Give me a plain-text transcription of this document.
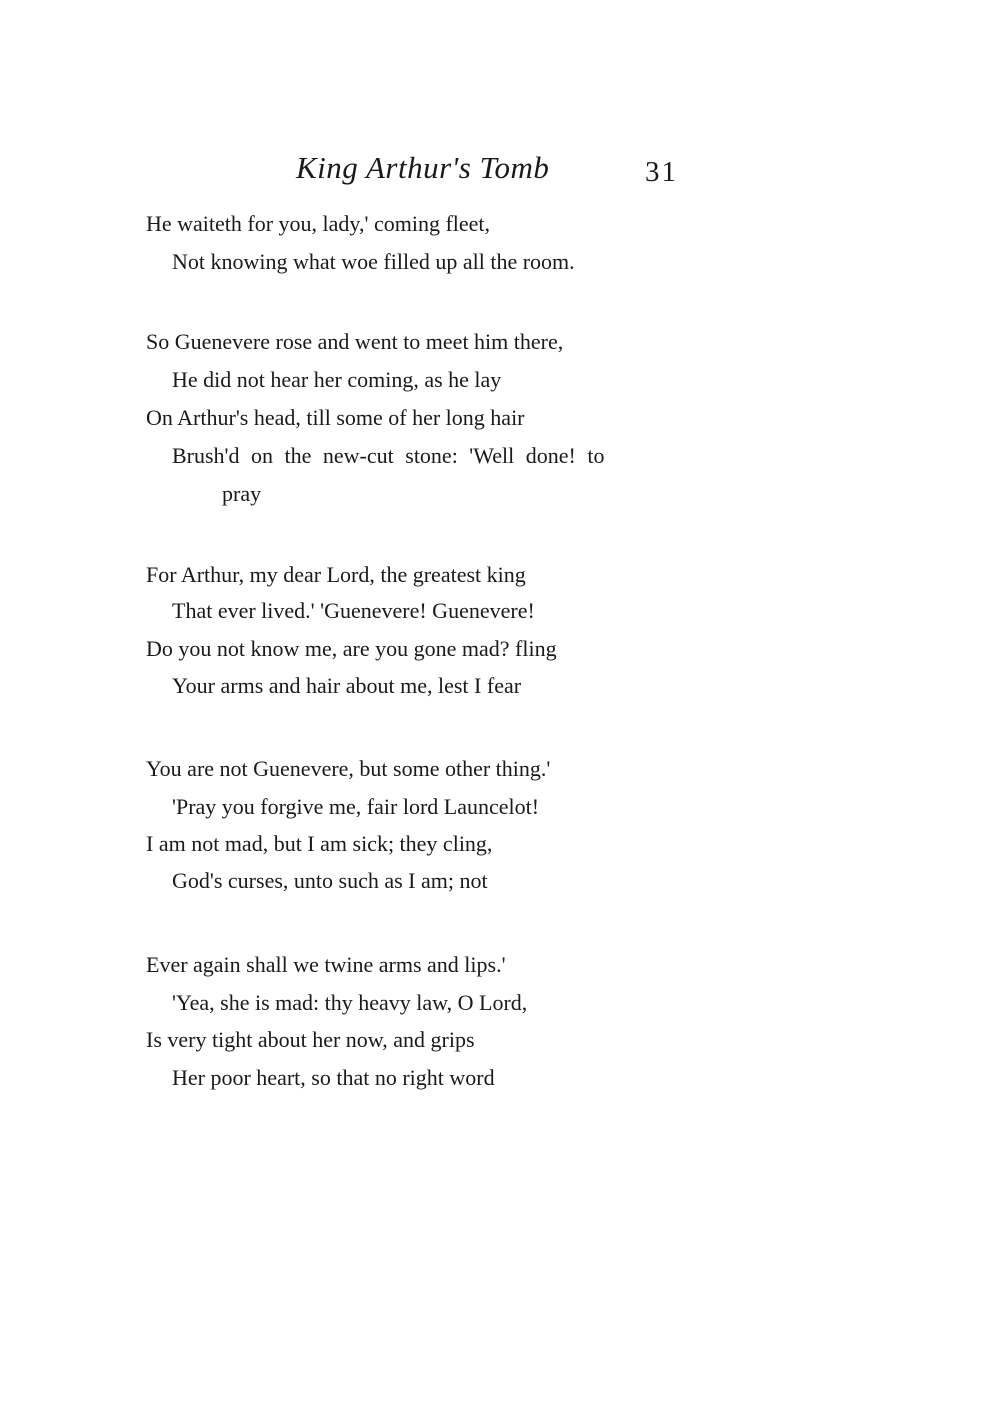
King Arthur's Tomb	31
He waiteth for you, lady,' coming fleet,
Not knowing what woe filled up all the room.
So Guenevere rose and went to meet him there,
He did not hear her coming, as he lay
On Arthur's head, till some of her long hair
Brush'd on the new-cut stone: 'Well done! to
pray
For Arthur, my dear Lord, the greatest king
That ever lived.' 'Guenevere! Guenevere!
Do you not know me, are you gone mad? fling
Your arms and hair about me, lest I fear
You are not Guenevere, but some other thing.'
'Pray you forgive me, fair lord Launcelot!
I am not mad, but I am sick; they cling,
God's curses, unto such as I am; not
Ever again shall we twine arms and lips.'
'Yea, she is mad: thy heavy law, O Lord,
Is very tight about her now, and grips
Her poor heart, so that no right word
